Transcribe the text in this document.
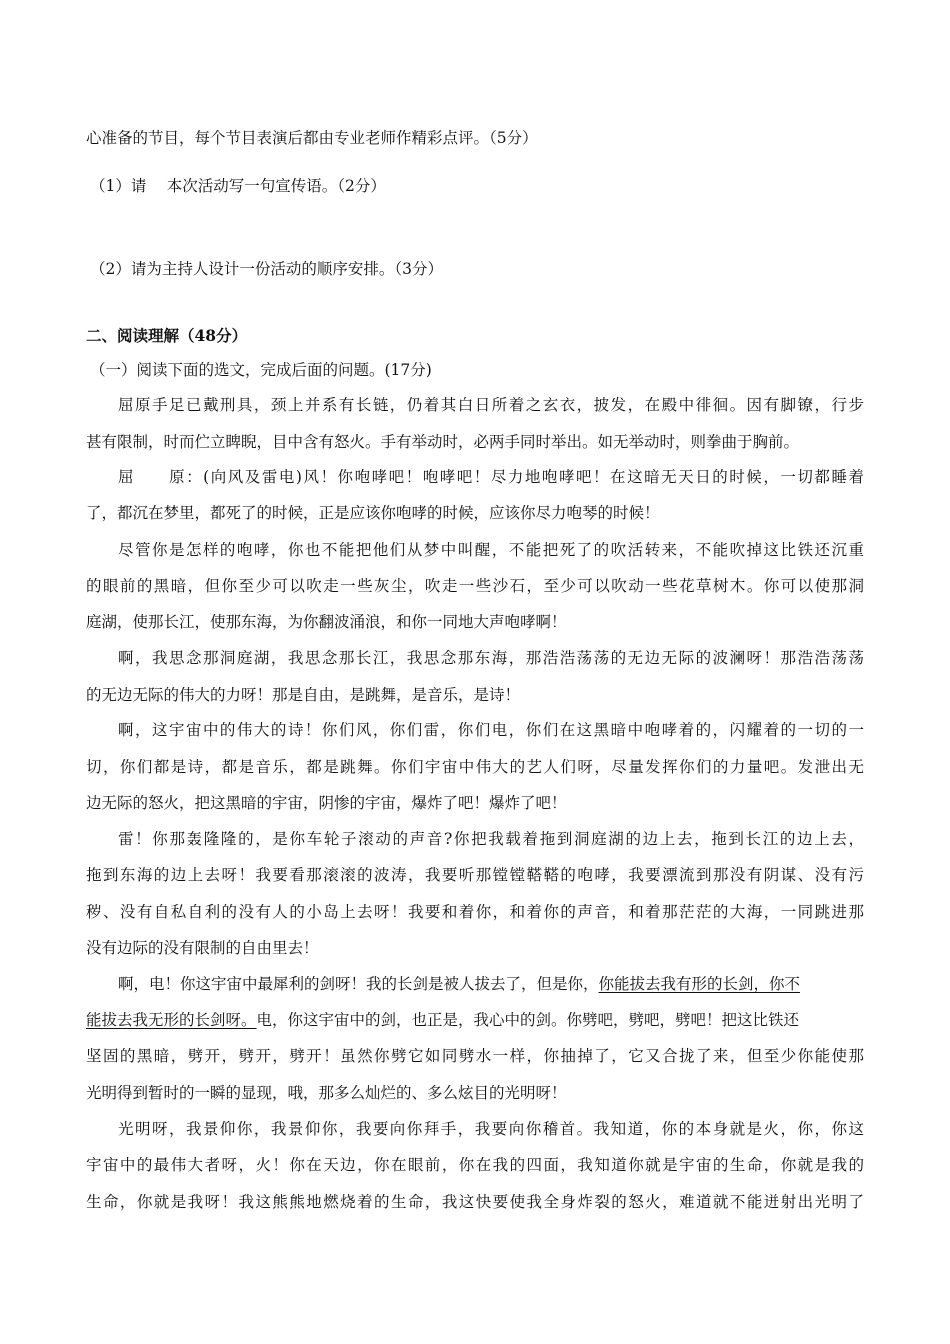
心准备的节目，每个节目表演后都由专业老师作精彩点评。（5分）
（1）请　 本次活动写一句宣传语。（2分）
（2）请为主持人设计一份活动的顺序安排。（3分）
二、阅读理解（48分）
（一）阅读下面的选文，完成后面的问题。(17分)
屈原手足已戴刑具，颈上并系有长链，仍着其白日所着之玄衣，披发，在殿中徘徊。因有脚镣，行步
甚有限制，时而伫立睥睨，目中含有怒火。手有举动时，必两手同时举出。如无举动时，则拳曲于胸前。
屈　　原：(向风及雷电)风！你咆哮吧！咆哮吧！尽力地咆哮吧！在这暗无天日的时候，一切都睡着
了，都沉在梦里，都死了的时候，正是应该你咆哮的时候，应该你尽力咆琴的时候！
尽管你是怎样的咆哮，你也不能把他们从梦中叫醒，不能把死了的吹活转来，不能吹掉这比铁还沉重
的眼前的黑暗，但你至少可以吹走一些灰尘，吹走一些沙石，至少可以吹动一些花草树木。你可以使那洞
庭湖，使那长江，使那东海，为你翻波涌浪，和你一同地大声咆哮啊！
啊，我思念那洞庭湖，我思念那长江，我思念那东海，那浩浩荡荡的无边无际的波澜呀！那浩浩荡荡
的无边无际的伟大的力呀！那是自由，是跳舞，是音乐，是诗！
啊，这宇宙中的伟大的诗！你们风，你们雷，你们电，你们在这黑暗中咆哮着的，闪耀着的一切的一
切，你们都是诗，都是音乐，都是跳舞。你们宇宙中伟大的艺人们呀，尽量发挥你们的力量吧。发泄出无
边无际的怒火，把这黑暗的宇宙，阴惨的宇宙，爆炸了吧！爆炸了吧！
雷！你那轰隆隆的，是你车轮子滚动的声音?你把我载着拖到洞庭湖的边上去，拖到长江的边上去，
拖到东海的边上去呀！我要看那滚滚的波涛，我要听那镗镗鞳鞳的咆哮，我要漂流到那没有阴谋、没有污
秽、没有自私自利的没有人的小岛上去呀！我要和着你，和着你的声音，和着那茫茫的大海，一同跳进那
没有边际的没有限制的自由里去！
啊，电！你这宇宙中最犀利的剑呀！我的长剑是被人拔去了，但是你，你能拔去我有形的长剑，你不
能拔去我无形的长剑呀。电，你这宇宙中的剑，也正是，我心中的剑。你劈吧，劈吧，劈吧！把这比铁还
坚固的黑暗，劈开，劈开，劈开！虽然你劈它如同劈水一样，你抽掉了，它又合拢了来，但至少你能使那
光明得到暂时的一瞬的显现，哦，那多么灿烂的、多么炫目的光明呀！
光明呀，我景仰你，我景仰你，我要向你拜手，我要向你稽首。我知道，你的本身就是火，你，你这
宇宙中的最伟大者呀，火！你在天边，你在眼前，你在我的四面，我知道你就是宇宙的生命，你就是我的
生命，你就是我呀！我这熊熊地燃烧着的生命，我这快要使我全身炸裂的怒火，难道就不能迸射出光明了
